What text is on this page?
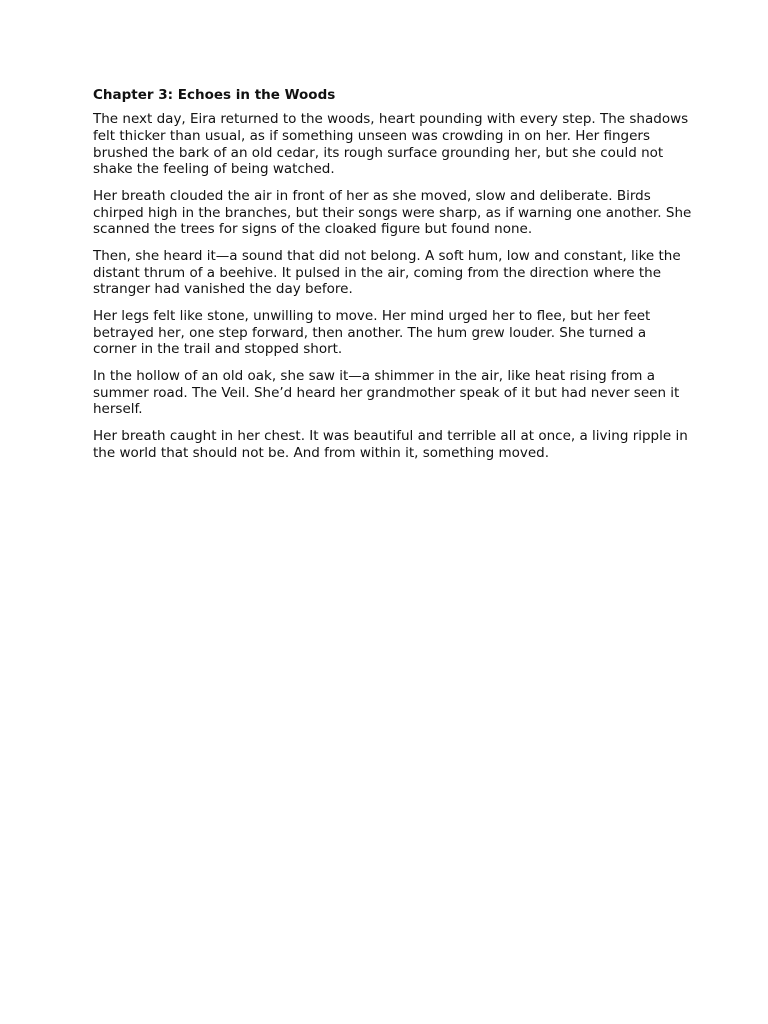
Chapter 3: Echoes in the Woods

The next day, Eira returned to the woods, heart pounding with every step. The shadows felt thicker than usual, as if something unseen was crowding in on her. Her fingers brushed the bark of an old cedar, its rough surface grounding her, but she could not shake the feeling of being watched.

Her breath clouded the air in front of her as she moved, slow and deliberate. Birds chirped high in the branches, but their songs were sharp, as if warning one another. She scanned the trees for signs of the cloaked figure but found none.

Then, she heard it—a sound that did not belong. A soft hum, low and constant, like the distant thrum of a beehive. It pulsed in the air, coming from the direction where the stranger had vanished the day before.

Her legs felt like stone, unwilling to move. Her mind urged her to flee, but her feet betrayed her, one step forward, then another. The hum grew louder. She turned a corner in the trail and stopped short.

In the hollow of an old oak, she saw it—a shimmer in the air, like heat rising from a summer road. The Veil. She’d heard her grandmother speak of it but had never seen it herself.

Her breath caught in her chest. It was beautiful and terrible all at once, a living ripple in the world that should not be. And from within it, something moved.
